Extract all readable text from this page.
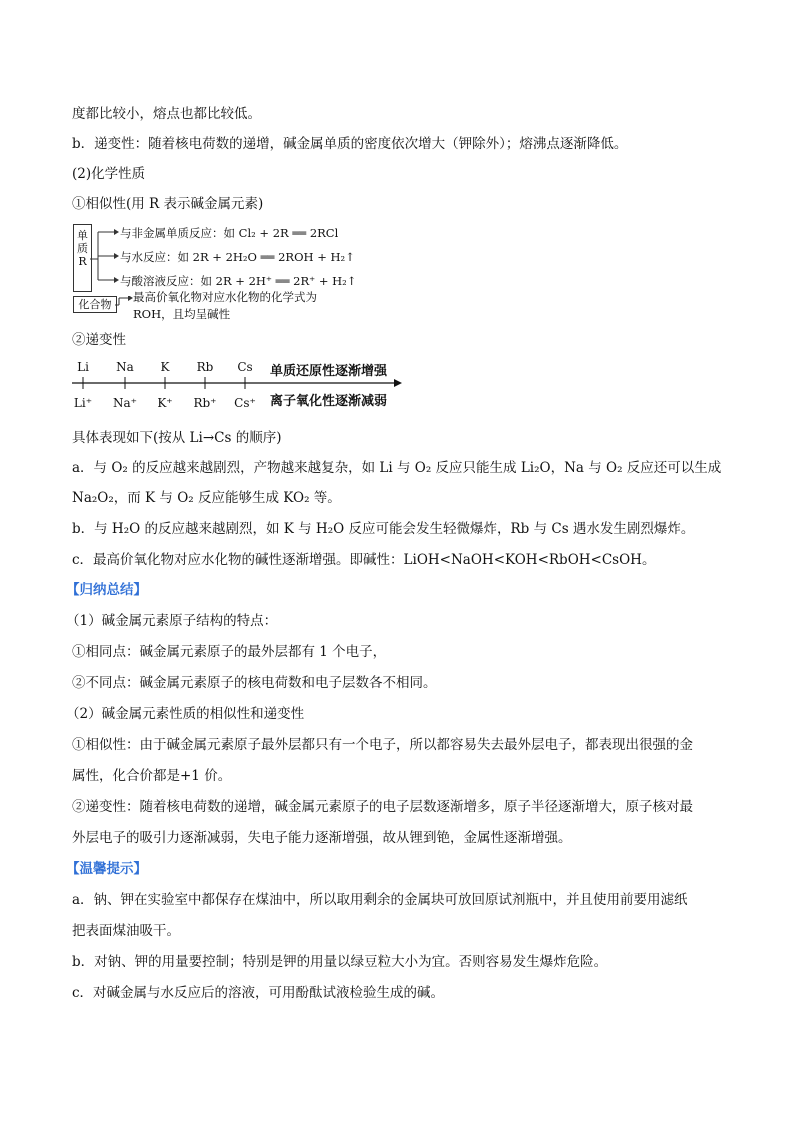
度都比较小，熔点也都比较低。
b．递变性：随着核电荷数的递增，碱金属单质的密度依次增大（钾除外）；熔沸点逐渐降低。
(2)化学性质
①相似性(用 R 表示碱金属元素)
单
质
R
与非金属单质反应：如 Cl₂ + 2R ══ 2RCl
与水反应：如 2R + 2H₂O ══ 2ROH + H₂↑
与酸溶液反应：如 2R + 2H⁺ ══ 2R⁺ + H₂↑
化合物
最高价氧化物对应水化物的化学式为
ROH，且均呈碱性
②递变性
Li	Na	K	Rb	Cs	单质还原性逐渐增强
Li⁺	Na⁺	K⁺	Rb⁺	Cs⁺	离子氧化性逐渐减弱
具体表现如下(按从 Li→Cs 的顺序)
a．与 O₂ 的反应越来越剧烈，产物越来越复杂，如 Li 与 O₂ 反应只能生成 Li₂O，Na 与 O₂ 反应还可以生成
Na₂O₂，而 K 与 O₂ 反应能够生成 KO₂ 等。
b．与 H₂O 的反应越来越剧烈，如 K 与 H₂O 反应可能会发生轻微爆炸，Rb 与 Cs 遇水发生剧烈爆炸。
c．最高价氧化物对应水化物的碱性逐渐增强。即碱性：LiOH<NaOH<KOH<RbOH<CsOH。
【归纳总结】
（1）碱金属元素原子结构的特点：
①相同点：碱金属元素原子的最外层都有 1 个电子，
②不同点：碱金属元素原子的核电荷数和电子层数各不相同。
（2）碱金属元素性质的相似性和递变性
①相似性：由于碱金属元素原子最外层都只有一个电子，所以都容易失去最外层电子，都表现出很强的金
属性，化合价都是+1 价。
②递变性：随着核电荷数的递增，碱金属元素原子的电子层数逐渐增多，原子半径逐渐增大，原子核对最
外层电子的吸引力逐渐减弱，失电子能力逐渐增强，故从锂到铯，金属性逐渐增强。
【温馨提示】
a．钠、钾在实验室中都保存在煤油中，所以取用剩余的金属块可放回原试剂瓶中，并且使用前要用滤纸
把表面煤油吸干。
b．对钠、钾的用量要控制；特别是钾的用量以绿豆粒大小为宜。否则容易发生爆炸危险。
c．对碱金属与水反应后的溶液，可用酚酞试液检验生成的碱。
